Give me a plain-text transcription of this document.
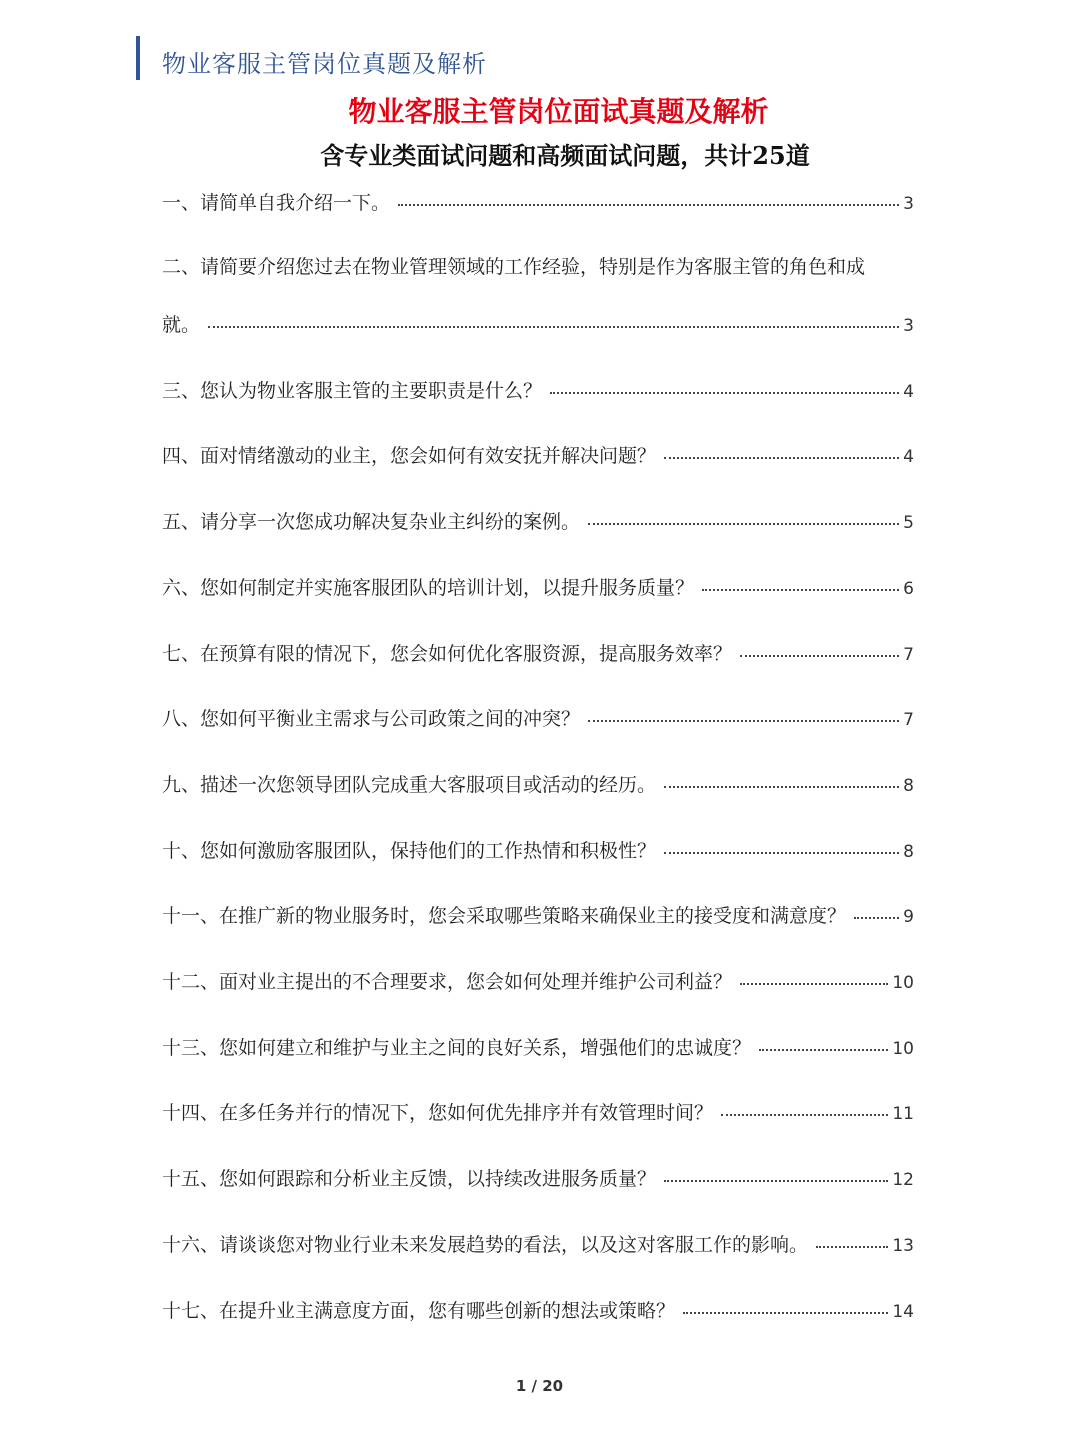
物业客服主管岗位真题及解析
物业客服主管岗位面试真题及解析
含专业类面试问题和高频面试问题，共计25道
一、请简单自我介绍一下。	3
二、请简要介绍您过去在物业管理领域的工作经验，特别是作为客服主管的角色和成
就。	3
三、您认为物业客服主管的主要职责是什么？	4
四、面对情绪激动的业主，您会如何有效安抚并解决问题？	4
五、请分享一次您成功解决复杂业主纠纷的案例。	5
六、您如何制定并实施客服团队的培训计划，以提升服务质量？	6
七、在预算有限的情况下，您会如何优化客服资源，提高服务效率？	7
八、您如何平衡业主需求与公司政策之间的冲突？	7
九、描述一次您领导团队完成重大客服项目或活动的经历。	8
十、您如何激励客服团队，保持他们的工作热情和积极性？	8
十一、在推广新的物业服务时，您会采取哪些策略来确保业主的接受度和满意度？	9
十二、面对业主提出的不合理要求，您会如何处理并维护公司利益？	10
十三、您如何建立和维护与业主之间的良好关系，增强他们的忠诚度？	10
十四、在多任务并行的情况下，您如何优先排序并有效管理时间？	11
十五、您如何跟踪和分析业主反馈，以持续改进服务质量？	12
十六、请谈谈您对物业行业未来发展趋势的看法，以及这对客服工作的影响。	13
十七、在提升业主满意度方面，您有哪些创新的想法或策略？	14
1 / 20
